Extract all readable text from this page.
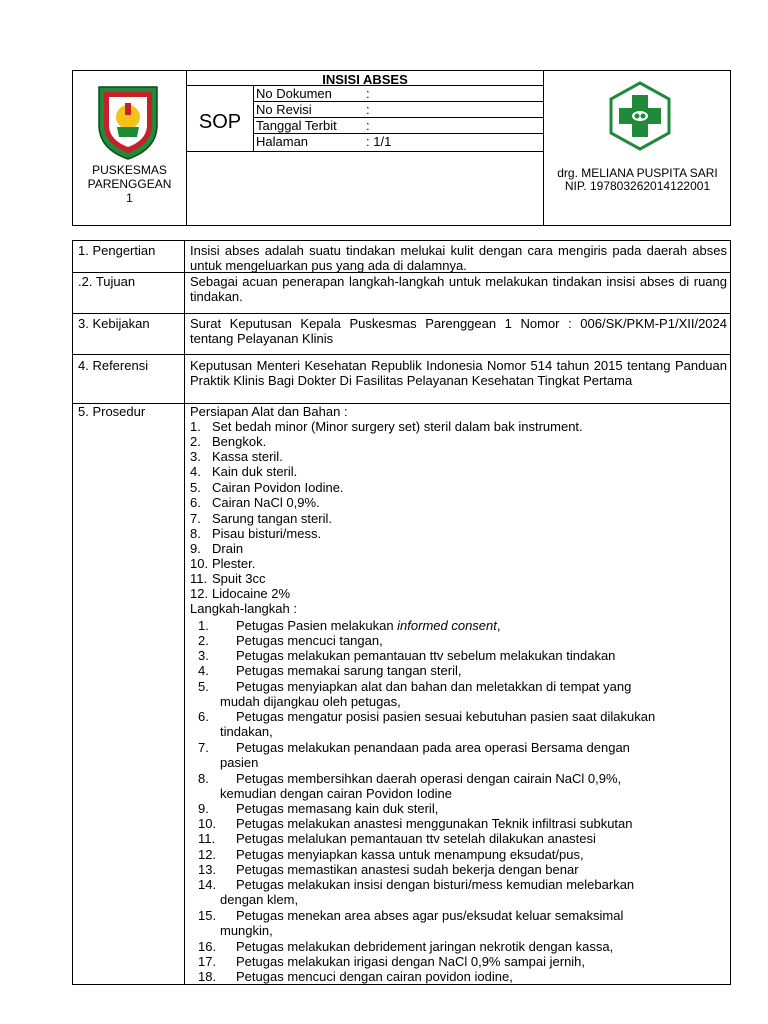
PUSKESMAS
PARENGGEAN
1
INSISI ABSES
SOP
No Dokumen	:
No Revisi	:
Tanggal Terbit :
Halaman	: 1/1
drg. MELIANA PUSPITA SARI
NIP. 197803262014122001
1. Pengertian	Insisi abses adalah suatu tindakan melukai kulit dengan cara mengiris pada daerah abses untuk mengeluarkan pus yang ada di dalamnya.
.2. Tujuan	Sebagai acuan penerapan langkah-langkah untuk melakukan tindakan insisi abses di ruang tindakan.
3. Kebijakan	Surat Keputusan Kepala Puskesmas Parenggean 1 Nomor : 006/SK/PKM-P1/XII/2024 tentang Pelayanan Klinis
4. Referensi	Keputusan Menteri Kesehatan Republik Indonesia Nomor 514 tahun 2015 tentang Panduan Praktik Klinis Bagi Dokter Di Fasilitas Pelayanan Kesehatan Tingkat Pertama
5. Prosedur	Persiapan Alat dan Bahan :
1. Set bedah minor (Minor surgery set) steril dalam bak instrument.
2. Bengkok.
3. Kassa steril.
4. Kain duk steril.
5. Cairan Povidon Iodine.
6. Cairan NaCl 0,9%.
7. Sarung tangan steril.
8. Pisau bisturi/mess.
9. Drain
10. Plester.
11. Spuit 3cc
12. Lidocaine 2%
Langkah-langkah :
1. Petugas Pasien melakukan informed consent,
2. Petugas mencuci tangan,
3. Petugas melakukan pemantauan ttv sebelum melakukan tindakan
4. Petugas memakai sarung tangan steril,
5. Petugas menyiapkan alat dan bahan dan meletakkan di tempat yang
mudah dijangkau oleh petugas,
6. Petugas mengatur posisi pasien sesuai kebutuhan pasien saat dilakukan
tindakan,
7. Petugas melakukan penandaan pada area operasi Bersama dengan
pasien
8. Petugas membersihkan daerah operasi dengan cairain NaCl 0,9%,
kemudian dengan cairan Povidon Iodine
9. Petugas memasang kain duk steril,
10. Petugas melakukan anastesi menggunakan Teknik infiltrasi subkutan
11. Petugas melalukan pemantauan ttv setelah dilakukan anastesi
12. Petugas menyiapkan kassa untuk menampung eksudat/pus,
13. Petugas memastikan anastesi sudah bekerja dengan benar
14. Petugas melakukan insisi dengan bisturi/mess kemudian melebarkan
dengan klem,
15. Petugas menekan area abses agar pus/eksudat keluar semaksimal
mungkin,
16. Petugas melakukan debridement jaringan nekrotik dengan kassa,
17. Petugas melakukan irigasi dengan NaCl 0,9% sampai jernih,
18. Petugas mencuci dengan cairan povidon iodine,
